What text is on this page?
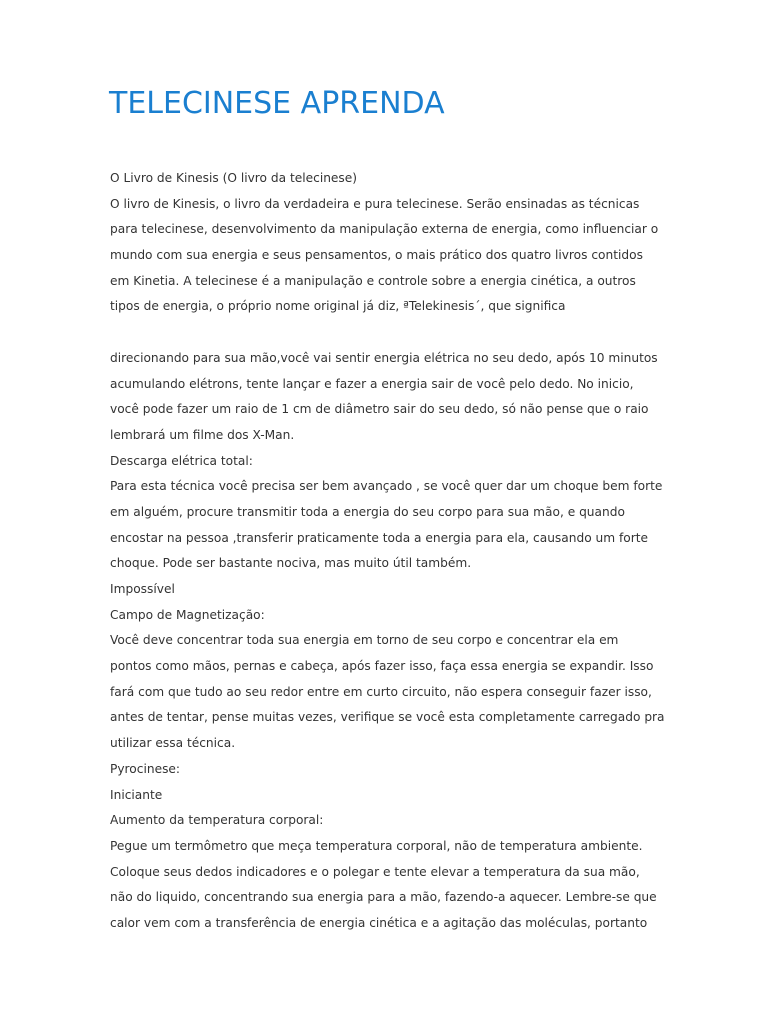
TELECINESE APRENDA
O Livro de Kinesis (O livro da telecinese)
O livro de Kinesis, o livro da verdadeira e pura telecinese. Serão ensinadas as técnicas
para telecinese, desenvolvimento da manipulação externa de energia, como influenciar o
mundo com sua energia e seus pensamentos, o mais prático dos quatro livros contidos
em Kinetia. A telecinese é a manipulação e controle sobre a energia cinética, a outros
tipos de energia, o próprio nome original já diz, ªTelekinesis´, que significa
direcionando para sua mão,você vai sentir energia elétrica no seu dedo, após 10 minutos
acumulando elétrons, tente lançar e fazer a energia sair de você pelo dedo. No inicio,
você pode fazer um raio de 1 cm de diâmetro sair do seu dedo, só não pense que o raio
lembrará um filme dos X-Man.
Descarga elétrica total:
Para esta técnica você precisa ser bem avançado , se você quer dar um choque bem forte
em alguém, procure transmitir toda a energia do seu corpo para sua mão, e quando
encostar na pessoa ,transferir praticamente toda a energia para ela, causando um forte
choque. Pode ser bastante nociva, mas muito útil também.
Impossível
Campo de Magnetização:
Você deve concentrar toda sua energia em torno de seu corpo e concentrar ela em
pontos como mãos, pernas e cabeça, após fazer isso, faça essa energia se expandir. Isso
fará com que tudo ao seu redor entre em curto circuito, não espera conseguir fazer isso,
antes de tentar, pense muitas vezes, verifique se você esta completamente carregado pra
utilizar essa técnica.
Pyrocinese:
Iniciante
Aumento da temperatura corporal:
Pegue um termômetro que meça temperatura corporal, não de temperatura ambiente.
Coloque seus dedos indicadores e o polegar e tente elevar a temperatura da sua mão,
não do liquido, concentrando sua energia para a mão, fazendo-a aquecer. Lembre-se que
calor vem com a transferência de energia cinética e a agitação das moléculas, portanto
